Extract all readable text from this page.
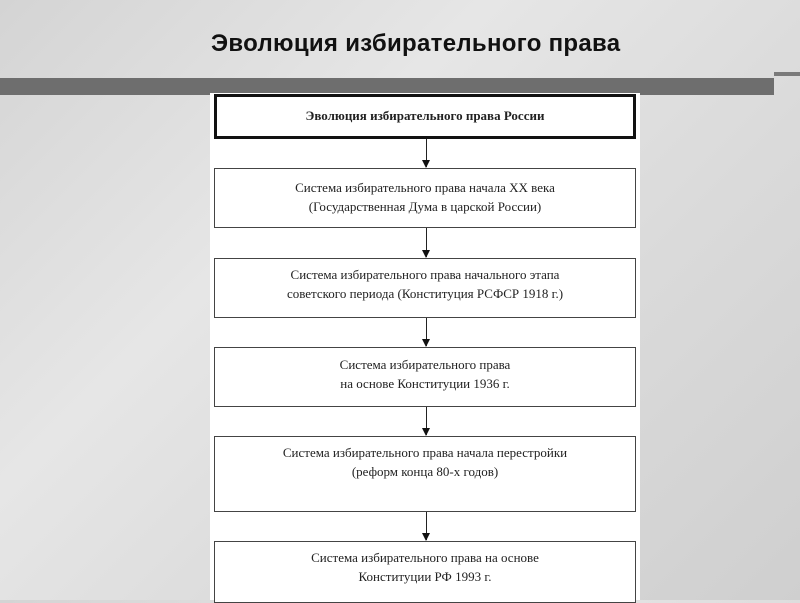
Эволюция избирательного права
Эволюция избирательного права России
Система избирательного права начала XX века
(Государственная Дума в царской России)
Система избирательного права начального этапа
советского периода (Конституция РСФСР 1918 г.)
Система избирательного права
на основе Конституции 1936 г.
Система избирательного права начала перестройки
(реформ конца 80-х годов)
Система избирательного права на основе
Конституции РФ 1993 г.
